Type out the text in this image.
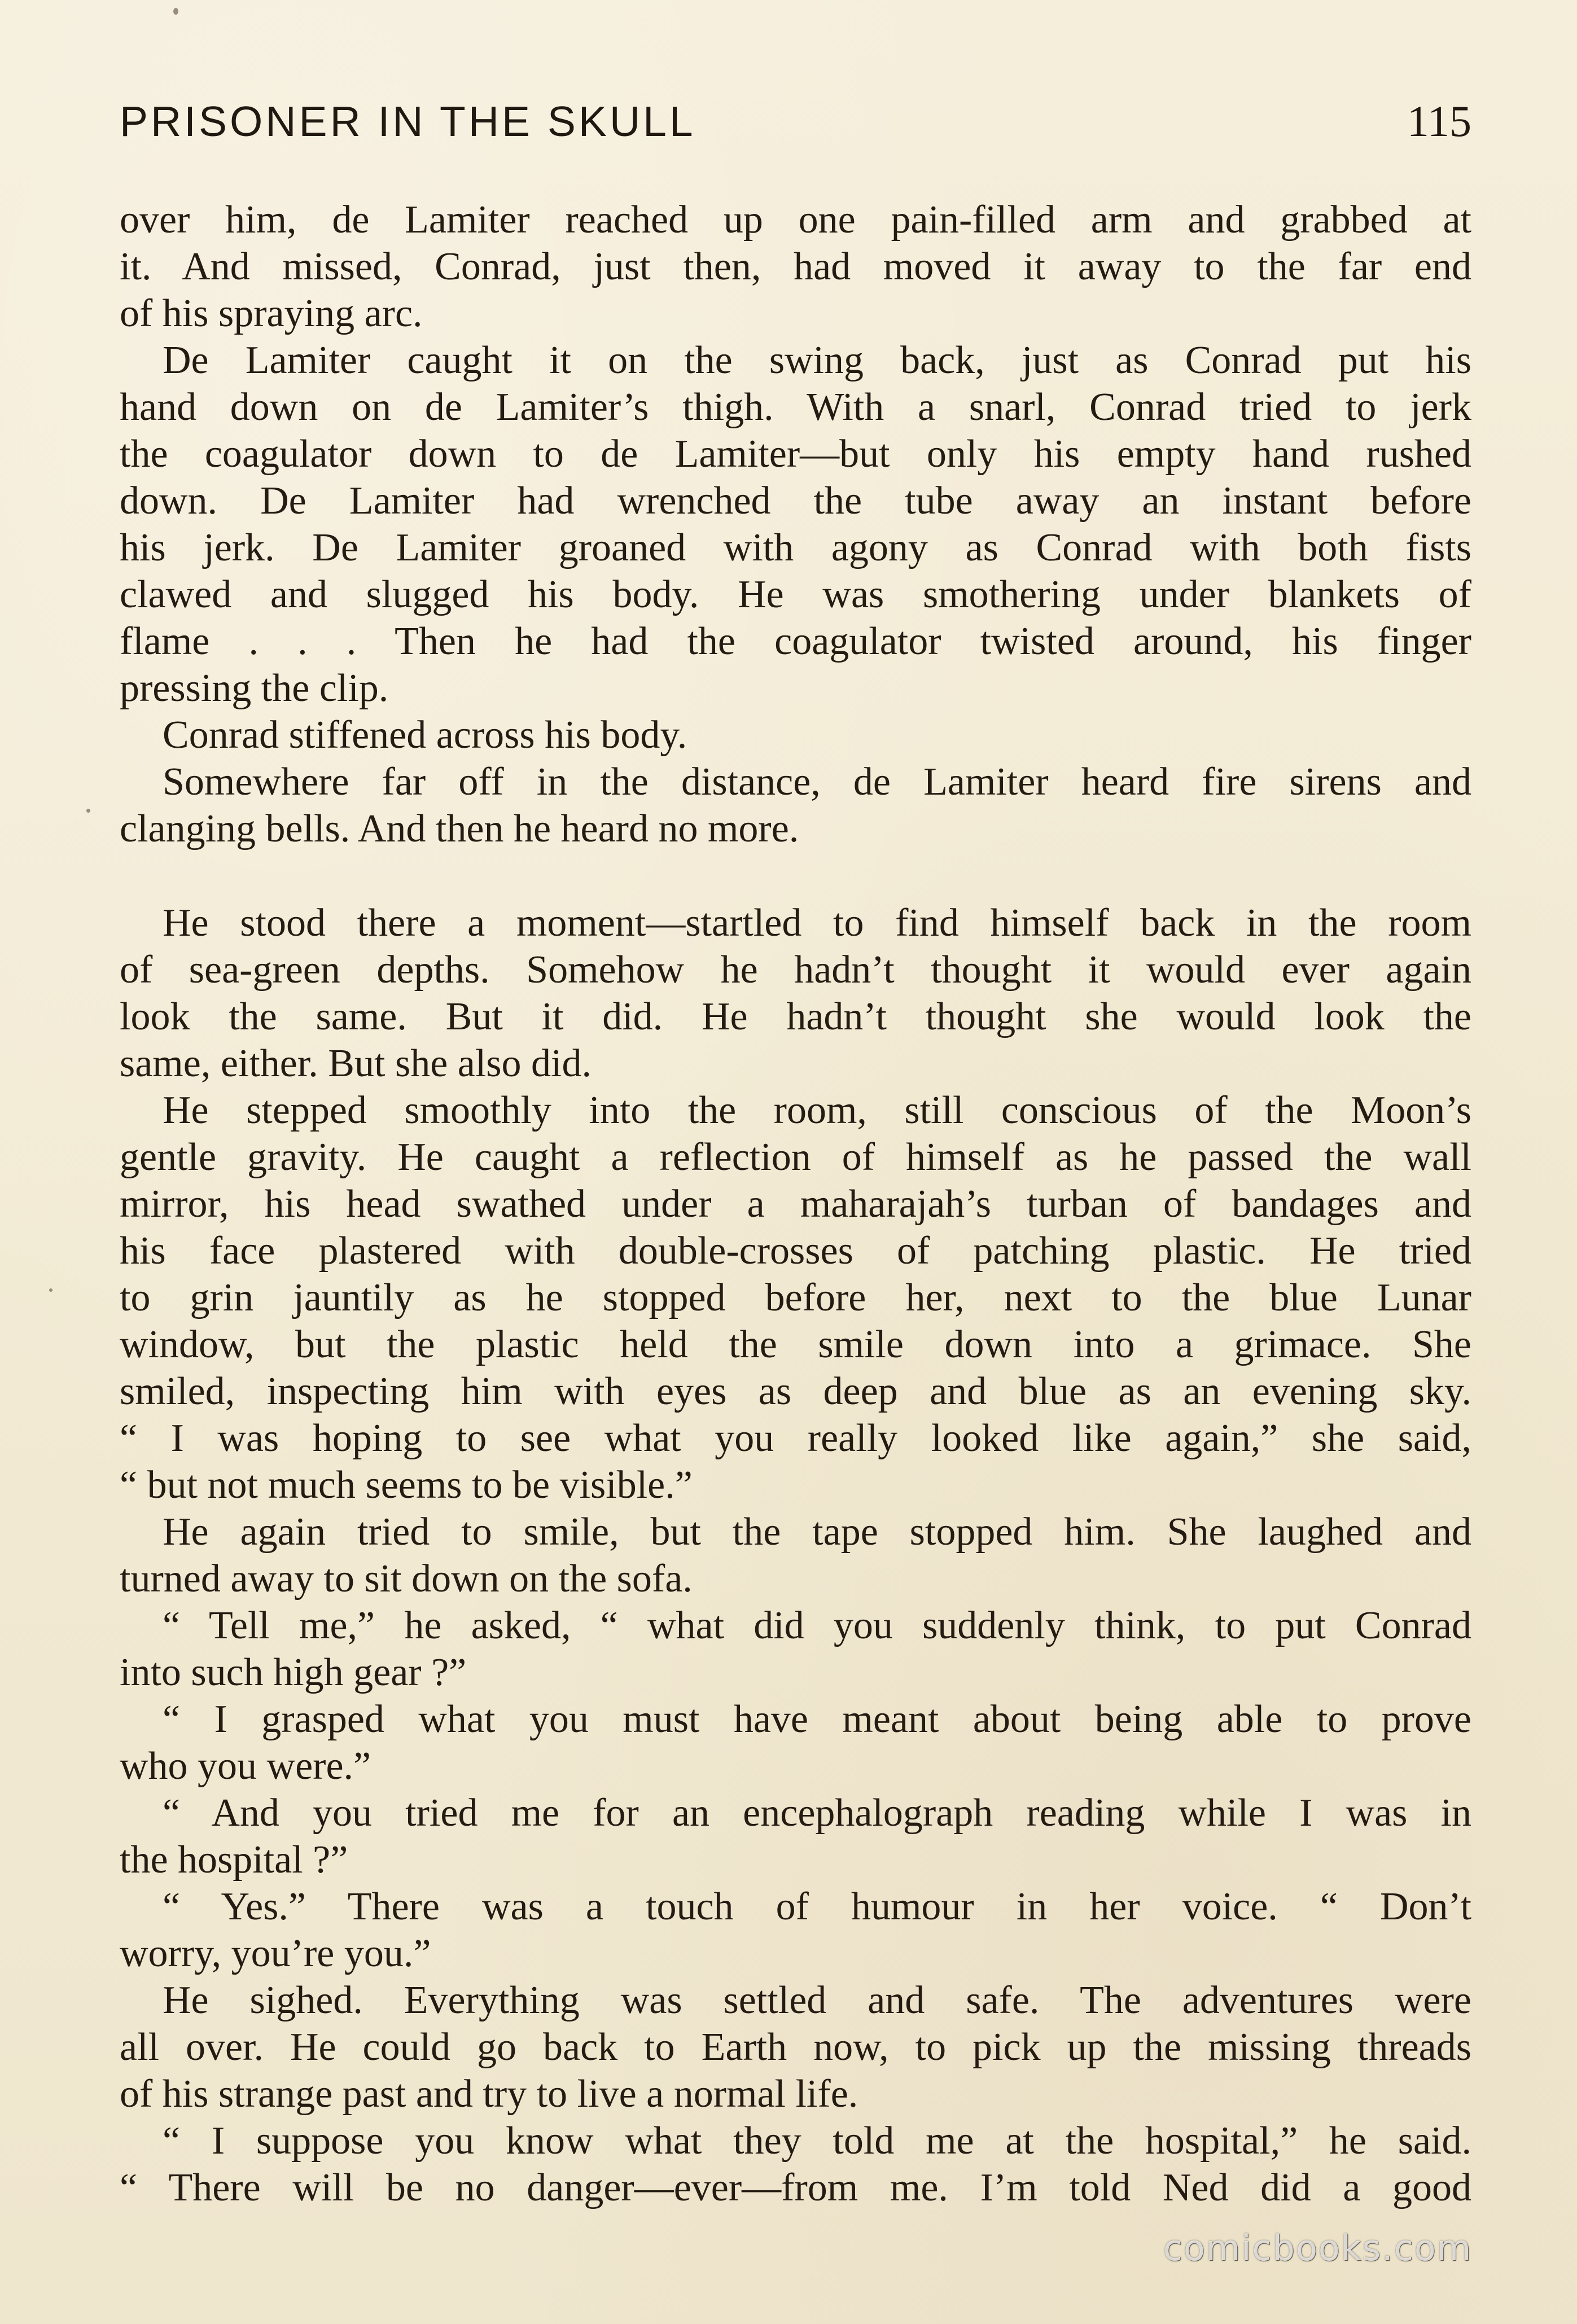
PRISONER IN THE SKULL	115
over him, de Lamiter reached up one pain-filled arm and grabbed at
it. And missed, Conrad, just then, had moved it away to the far end
of his spraying arc.
De Lamiter caught it on the swing back, just as Conrad put his
hand down on de Lamiter’s thigh. With a snarl, Conrad tried to jerk
the coagulator down to de Lamiter—but only his empty hand rushed
down. De Lamiter had wrenched the tube away an instant before
his jerk. De Lamiter groaned with agony as Conrad with both fists
clawed and slugged his body. He was smothering under blankets of
flame . . . Then he had the coagulator twisted around, his finger
pressing the clip.
Conrad stiffened across his body.
Somewhere far off in the distance, de Lamiter heard fire sirens and
clanging bells. And then he heard no more.
He stood there a moment—startled to find himself back in the room
of sea-green depths. Somehow he hadn’t thought it would ever again
look the same. But it did. He hadn’t thought she would look the
same, either. But she also did.
He stepped smoothly into the room, still conscious of the Moon’s
gentle gravity. He caught a reflection of himself as he passed the wall
mirror, his head swathed under a maharajah’s turban of bandages and
his face plastered with double-crosses of patching plastic. He tried
to grin jauntily as he stopped before her, next to the blue Lunar
window, but the plastic held the smile down into a grimace. She
smiled, inspecting him with eyes as deep and blue as an evening sky.
“ I was hoping to see what you really looked like again,” she said,
“ but not much seems to be visible.”
He again tried to smile, but the tape stopped him. She laughed and
turned away to sit down on the sofa.
“ Tell me,” he asked, “ what did you suddenly think, to put Conrad
into such high gear ?”
“ I grasped what you must have meant about being able to prove
who you were.”
“ And you tried me for an encephalograph reading while I was in
the hospital ?”
“ Yes.” There was a touch of humour in her voice. “ Don’t
worry, you’re you.”
He sighed. Everything was settled and safe. The adventures were
all over. He could go back to Earth now, to pick up the missing threads
of his strange past and try to live a normal life.
“ I suppose you know what they told me at the hospital,” he said.
“ There will be no danger—ever—from me. I’m told Ned did a good
comicbooks.com
